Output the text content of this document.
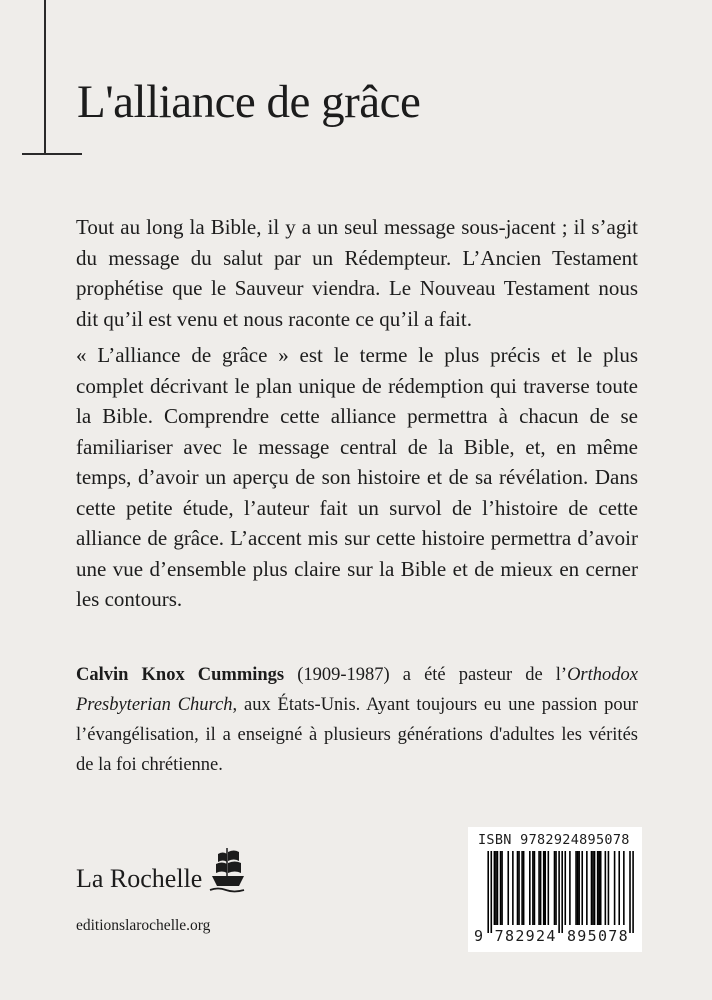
L'alliance de grâce

Tout au long la Bible, il y a un seul message sous-jacent ; il s’agit du message du salut par un Rédempteur. L’Ancien Testament prophétise que le Sauveur viendra. Le Nouveau Testament nous dit qu’il est venu et nous raconte ce qu’il a fait.

« L’alliance de grâce » est le terme le plus précis et le plus complet décrivant le plan unique de rédemption qui traverse toute la Bible. Comprendre cette alliance permettra à chacun de se familiariser avec le message central de la Bible, et, en même temps, d’avoir un aperçu de son histoire et de sa révélation. Dans cette petite étude, l’auteur fait un survol de l’histoire de cette alliance de grâce. L’accent mis sur cette histoire permettra d’avoir une vue d’ensemble plus claire sur la Bible et de mieux en cerner les contours.

Calvin Knox Cummings (1909-1987) a été pasteur de l’Orthodox Presbyterian Church, aux États-Unis. Ayant toujours eu une passion pour l’évangélisation, il a enseigné à plusieurs générations d'adultes les vérités de la foi chrétienne.

La Rochelle
editionslarochelle.org
ISBN 9782924895078
9 782924 895078
